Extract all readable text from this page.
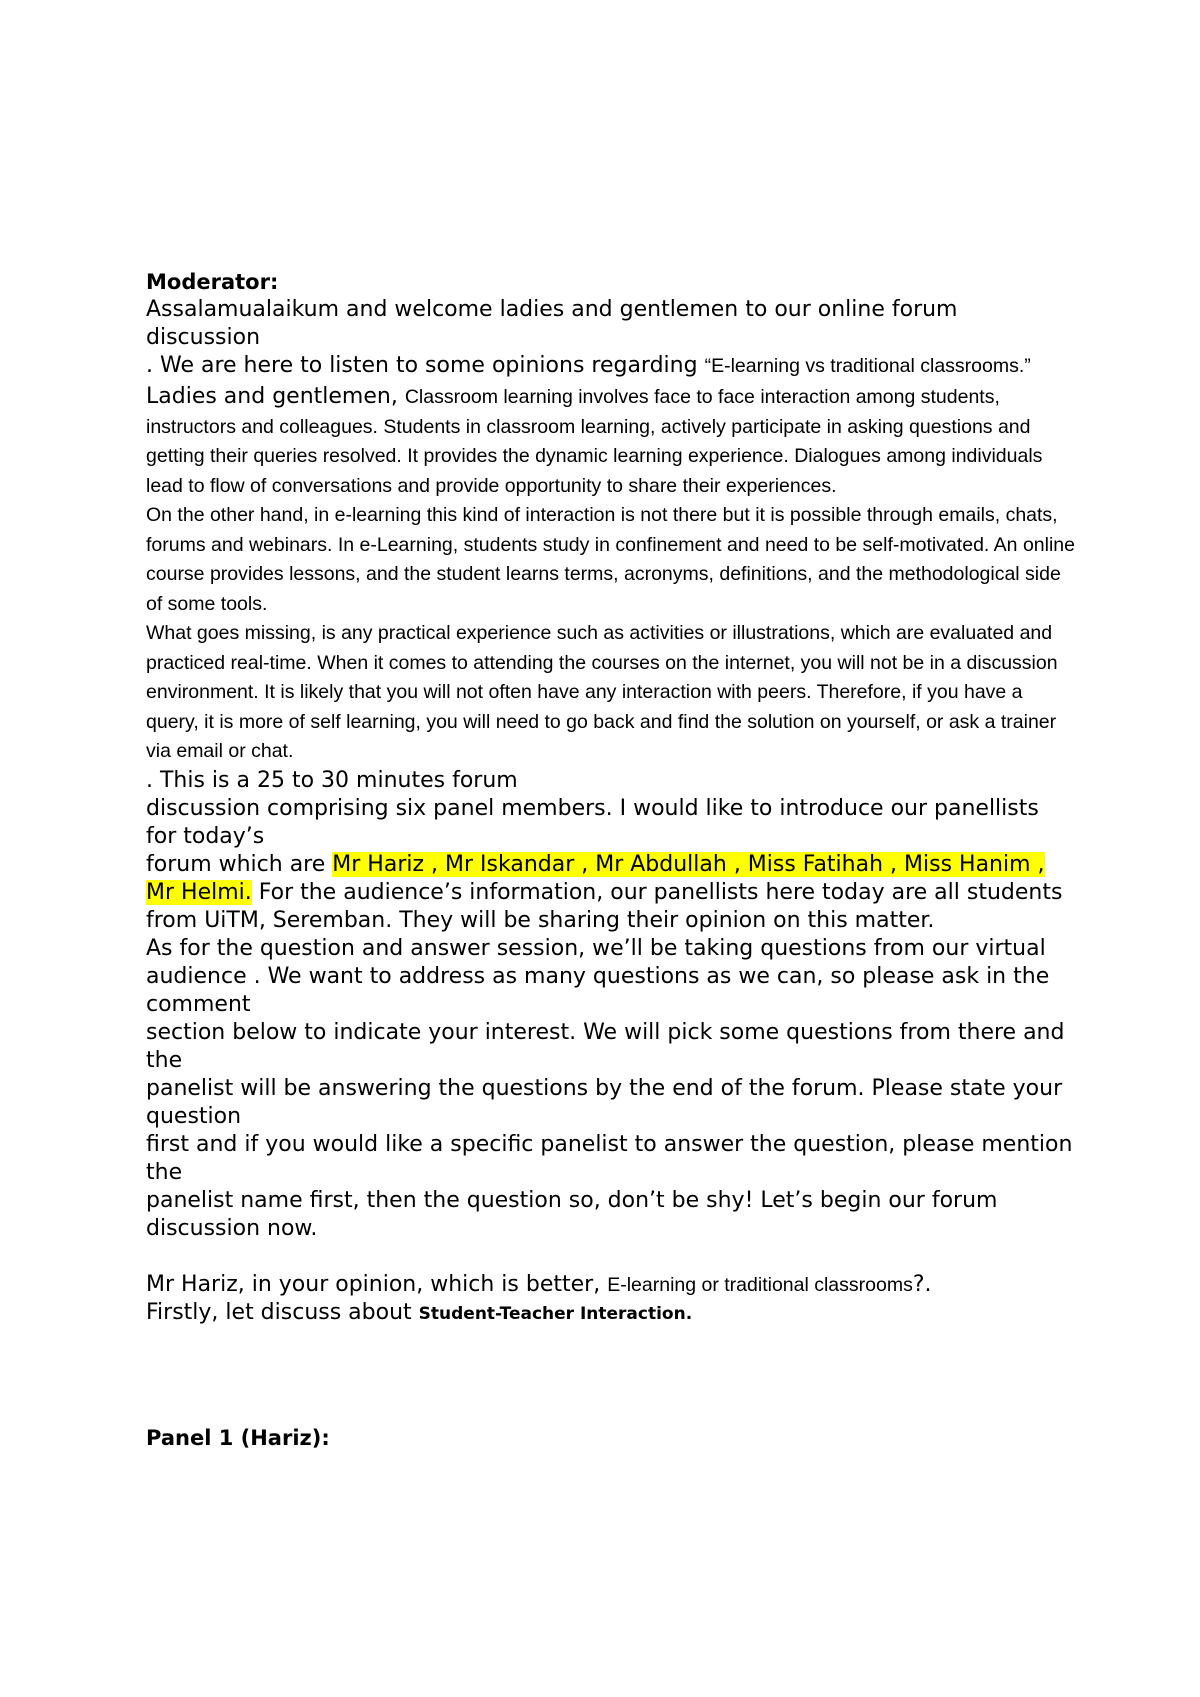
Moderator:

Assalamualaikum and welcome ladies and gentlemen to our online forum discussion

. We are here to listen to some opinions regarding “E-learning vs traditional classrooms.”

Ladies and gentlemen, Classroom learning involves face to face interaction among students, instructors and colleagues. Students in classroom learning, actively participate in asking questions and getting their queries resolved. It provides the dynamic learning experience. Dialogues among individuals lead to flow of conversations and provide opportunity to share their experiences.

On the other hand, in e-learning this kind of interaction is not there but it is possible through emails, chats, forums and webinars. In e-Learning, students study in confinement and need to be self-motivated. An online course provides lessons, and the student learns terms, acronyms, definitions, and the methodological side of some tools.

What goes missing, is any practical experience such as activities or illustrations, which are evaluated and practiced real-time. When it comes to attending the courses on the internet, you will not be in a discussion environment. It is likely that you will not often have any interaction with peers. Therefore, if you have a query, it is more of self learning, you will need to go back and find the solution on yourself, or ask a trainer via email or chat.

. This is a 25 to 30 minutes forum

discussion comprising six panel members. I would like to introduce our panellists for today’s

forum which are Mr Hariz , Mr Iskandar , Mr Abdullah , Miss Fatihah , Miss Hanim , Mr Helmi. For the audience’s information, our panellists here today are all students from UiTM, Seremban. They will be sharing their opinion on this matter.

As for the question and answer session, we’ll be taking questions from our virtual

audience . We want to address as many questions as we can, so please ask in the comment

section below to indicate your interest. We will pick some questions from there and the

panelist will be answering the questions by the end of the forum. Please state your question

first and if you would like a specific panelist to answer the question, please mention the

panelist name first, then the question so, don’t be shy! Let’s begin our forum discussion now.

Mr Hariz, in your opinion, which is better, E-learning or traditional classrooms?.

Firstly, let discuss about Student-Teacher Interaction.

Panel 1 (Hariz):
